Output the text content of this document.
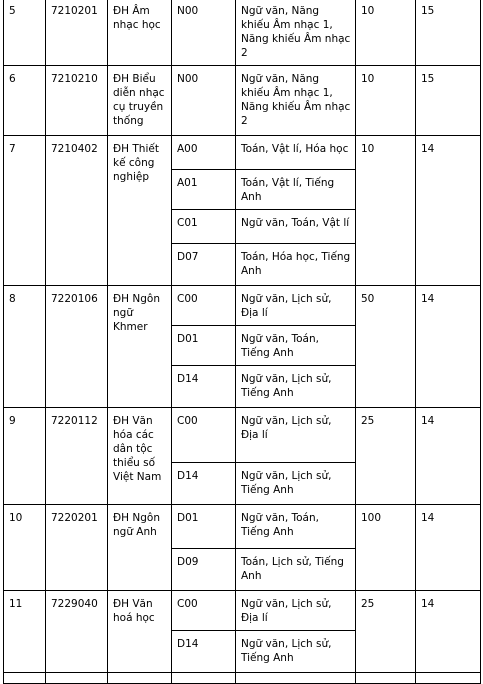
5	7210201	ĐH Âm nhạc học	N00	Ngữ văn, Năng khiếu Âm nhạc 1, Năng khiếu Âm nhạc 2	10	15
6	7210210	ĐH Biểu diễn nhạc cụ truyền thống	N00	Ngữ văn, Năng khiếu Âm nhạc 1, Năng khiếu Âm nhạc 2	10	15
7	7210402	ĐH Thiết kế công nghiệp	A00	Toán, Vật lí, Hóa học	10	14
			A01	Toán, Vật lí, Tiếng Anh		
			C01	Ngữ văn, Toán, Vật lí		
			D07	Toán, Hóa học, Tiếng Anh		
8	7220106	ĐH Ngôn ngữ Khmer	C00	Ngữ văn, Lịch sử, Địa lí	50	14
			D01	Ngữ văn, Toán, Tiếng Anh		
			D14	Ngữ văn, Lịch sử, Tiếng Anh		
9	7220112	ĐH Văn hóa các dân tộc thiểu số Việt Nam	C00	Ngữ văn, Lịch sử, Địa lí	25	14
			D14	Ngữ văn, Lịch sử, Tiếng Anh		
10	7220201	ĐH Ngôn ngữ Anh	D01	Ngữ văn, Toán, Tiếng Anh	100	14
			D09	Toán, Lịch sử, Tiếng Anh		
11	7229040	ĐH Văn hoá học	C00	Ngữ văn, Lịch sử, Địa lí	25	14
			D14	Ngữ văn, Lịch sử, Tiếng Anh		
